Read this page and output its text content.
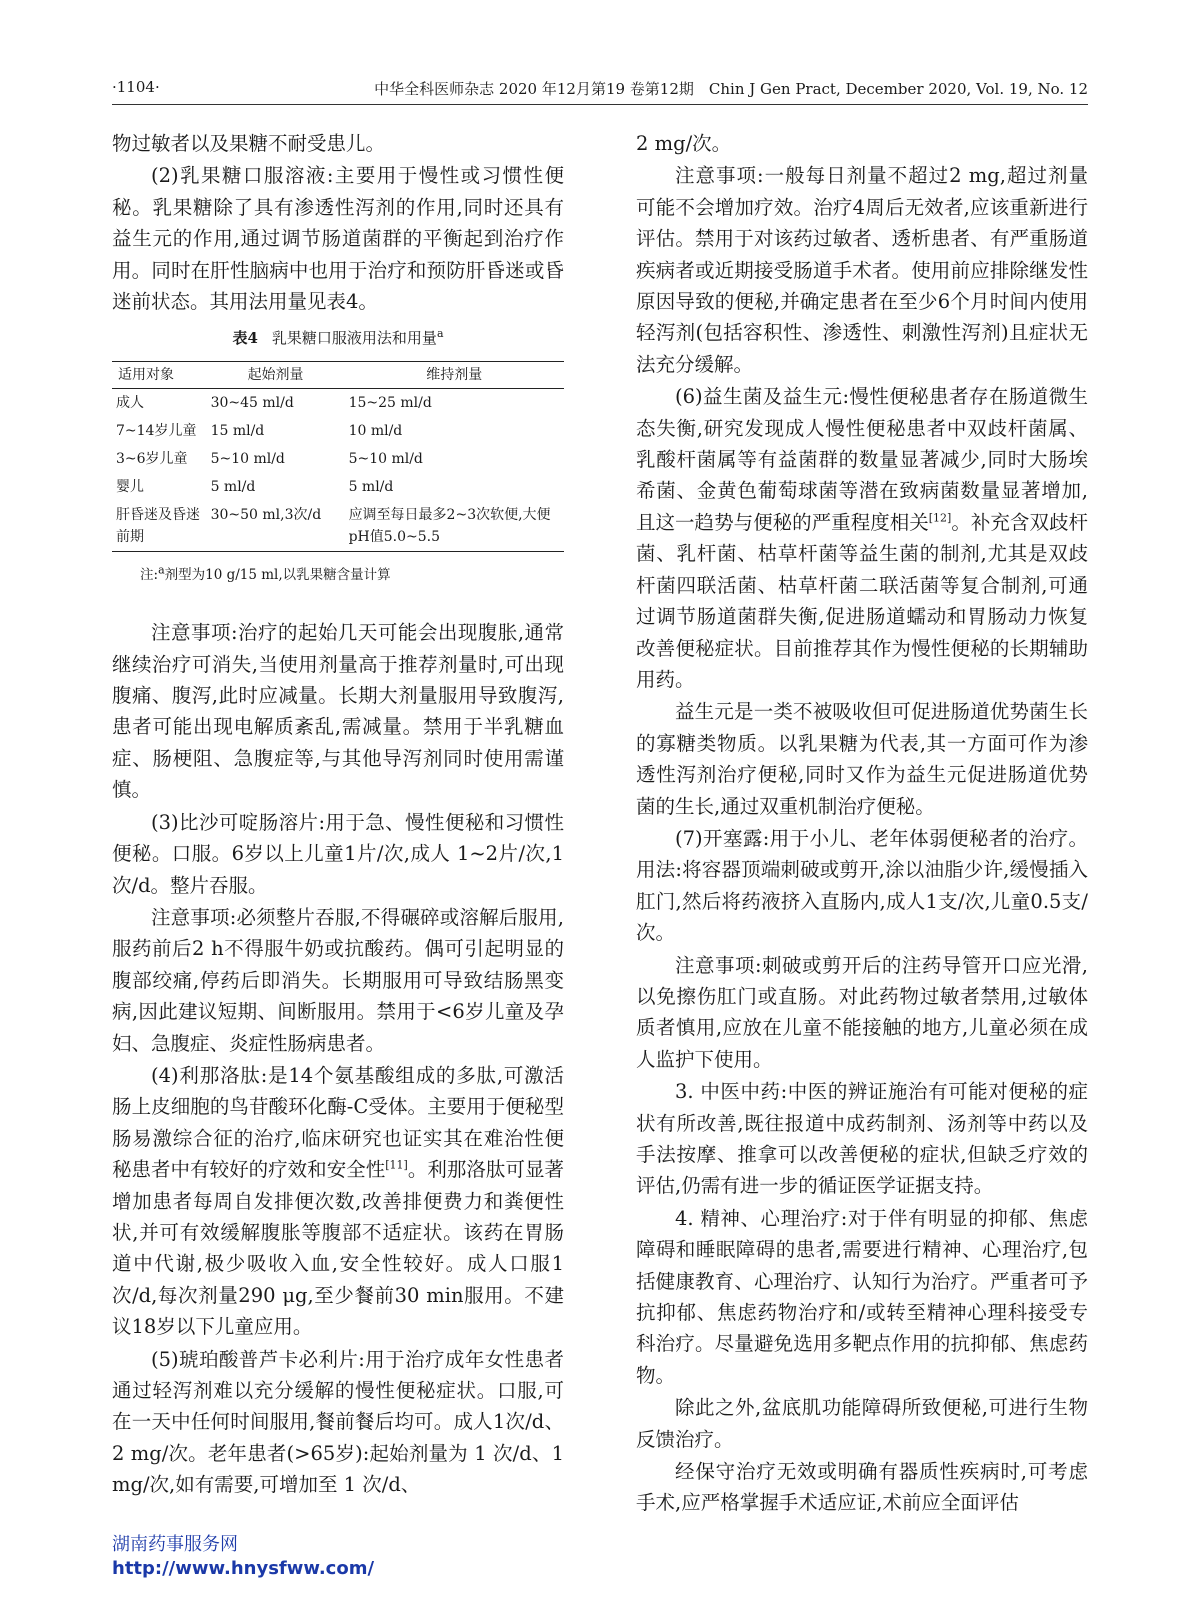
·1104·	中华全科医师杂志 2020 年12月第19 卷第12期　Chin J Gen Pract, December 2020, Vol. 19, No. 12

物过敏者以及果糖不耐受患儿。

(2)乳果糖口服溶液:主要用于慢性或习惯性便秘。乳果糖除了具有渗透性泻剂的作用,同时还具有益生元的作用,通过调节肠道菌群的平衡起到治疗作用。同时在肝性脑病中也用于治疗和预防肝昏迷或昏迷前状态。其用法用量见表4。

表4 乳果糖口服液用法和用量$^a$
适用对象	起始剂量	维持剂量
成人	30~45 ml/d	15~25 ml/d
7~14岁儿童	15 ml/d	10 ml/d
3~6岁儿童	5~10 ml/d	5~10 ml/d
婴儿	5 ml/d	5 ml/d
肝昏迷及昏迷前期	30~50 ml,3次/d	应调至每日最多2~3次软便,大便pH值5.0~5.5
注:$^a$剂型为10 g/15 ml,以乳果糖含量计算

注意事项:治疗的起始几天可能会出现腹胀,通常继续治疗可消失,当使用剂量高于推荐剂量时,可出现腹痛、腹泻,此时应减量。长期大剂量服用导致腹泻,患者可能出现电解质紊乱,需减量。禁用于半乳糖血症、肠梗阻、急腹症等,与其他导泻剂同时使用需谨慎。

(3)比沙可啶肠溶片:用于急、慢性便秘和习惯性便秘。口服。6岁以上儿童1片/次,成人 1~2片/次,1次/d。整片吞服。

注意事项:必须整片吞服,不得碾碎或溶解后服用,服药前后2 h不得服牛奶或抗酸药。偶可引起明显的腹部绞痛,停药后即消失。长期服用可导致结肠黑变病,因此建议短期、间断服用。禁用于<6岁儿童及孕妇、急腹症、炎症性肠病患者。

(4)利那洛肽:是14个氨基酸组成的多肽,可激活肠上皮细胞的鸟苷酸环化酶-C受体。主要用于便秘型肠易激综合征的治疗,临床研究也证实其在难治性便秘患者中有较好的疗效和安全性[11]。利那洛肽可显著增加患者每周自发排便次数,改善排便费力和粪便性状,并可有效缓解腹胀等腹部不适症状。该药在胃肠道中代谢,极少吸收入血,安全性较好。成人口服1次/d,每次剂量290 μg,至少餐前30 min服用。不建议18岁以下儿童应用。

(5)琥珀酸普芦卡必利片:用于治疗成年女性患者通过轻泻剂难以充分缓解的慢性便秘症状。口服,可在一天中任何时间服用,餐前餐后均可。成人1次/d、2 mg/次。老年患者(>65岁):起始剂量为 1 次/d、1 mg/次,如有需要,可增加至 1 次/d、

2 mg/次。

注意事项:一般每日剂量不超过2 mg,超过剂量可能不会增加疗效。治疗4周后无效者,应该重新进行评估。禁用于对该药过敏者、透析患者、有严重肠道疾病者或近期接受肠道手术者。使用前应排除继发性原因导致的便秘,并确定患者在至少6个月时间内使用轻泻剂(包括容积性、渗透性、刺激性泻剂)且症状无法充分缓解。

(6)益生菌及益生元:慢性便秘患者存在肠道微生态失衡,研究发现成人慢性便秘患者中双歧杆菌属、乳酸杆菌属等有益菌群的数量显著减少,同时大肠埃希菌、金黄色葡萄球菌等潜在致病菌数量显著增加,且这一趋势与便秘的严重程度相关[12]。补充含双歧杆菌、乳杆菌、枯草杆菌等益生菌的制剂,尤其是双歧杆菌四联活菌、枯草杆菌二联活菌等复合制剂,可通过调节肠道菌群失衡,促进肠道蠕动和胃肠动力恢复改善便秘症状。目前推荐其作为慢性便秘的长期辅助用药。

益生元是一类不被吸收但可促进肠道优势菌生长的寡糖类物质。以乳果糖为代表,其一方面可作为渗透性泻剂治疗便秘,同时又作为益生元促进肠道优势菌的生长,通过双重机制治疗便秘。

(7)开塞露:用于小儿、老年体弱便秘者的治疗。用法:将容器顶端刺破或剪开,涂以油脂少许,缓慢插入肛门,然后将药液挤入直肠内,成人1支/次,儿童0.5支/次。

注意事项:刺破或剪开后的注药导管开口应光滑,以免擦伤肛门或直肠。对此药物过敏者禁用,过敏体质者慎用,应放在儿童不能接触的地方,儿童必须在成人监护下使用。

3. 中医中药:中医的辨证施治有可能对便秘的症状有所改善,既往报道中成药制剂、汤剂等中药以及手法按摩、推拿可以改善便秘的症状,但缺乏疗效的评估,仍需有进一步的循证医学证据支持。

4. 精神、心理治疗:对于伴有明显的抑郁、焦虑障碍和睡眠障碍的患者,需要进行精神、心理治疗,包括健康教育、心理治疗、认知行为治疗。严重者可予抗抑郁、焦虑药物治疗和/或转至精神心理科接受专科治疗。尽量避免选用多靶点作用的抗抑郁、焦虑药物。

除此之外,盆底肌功能障碍所致便秘,可进行生物反馈治疗。

经保守治疗无效或明确有器质性疾病时,可考虑手术,应严格掌握手术适应证,术前应全面评估

湖南药事服务网
http://www.hnysfww.com/
